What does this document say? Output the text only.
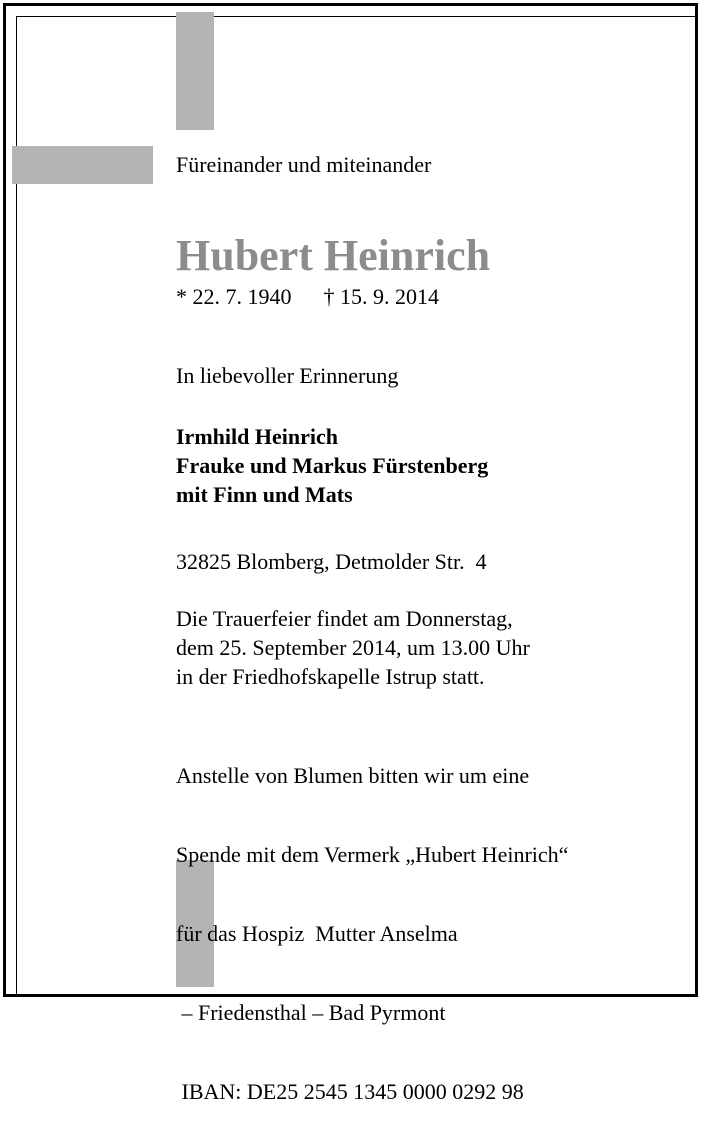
Füreinander und miteinander
Hubert Heinrich
* 22. 7. 1940 † 15. 9. 2014
In liebevoller Erinnerung
Irmhild Heinrich
Frauke und Markus Fürstenberg
mit Finn und Mats
32825 Blomberg, Detmolder Str.  4
Die Trauerfeier findet am Donnerstag,
dem 25. September 2014, um 13.00 Uhr
in der Friedhofskapelle Istrup statt.

Anstelle von Blumen bitten wir um eine

Spende mit dem Vermerk „Hubert Heinrich“

für das Hospiz  Mutter Anselma

– Friedensthal – Bad Pyrmont

IBAN: DE25 2545 1345 0000 0292 98
